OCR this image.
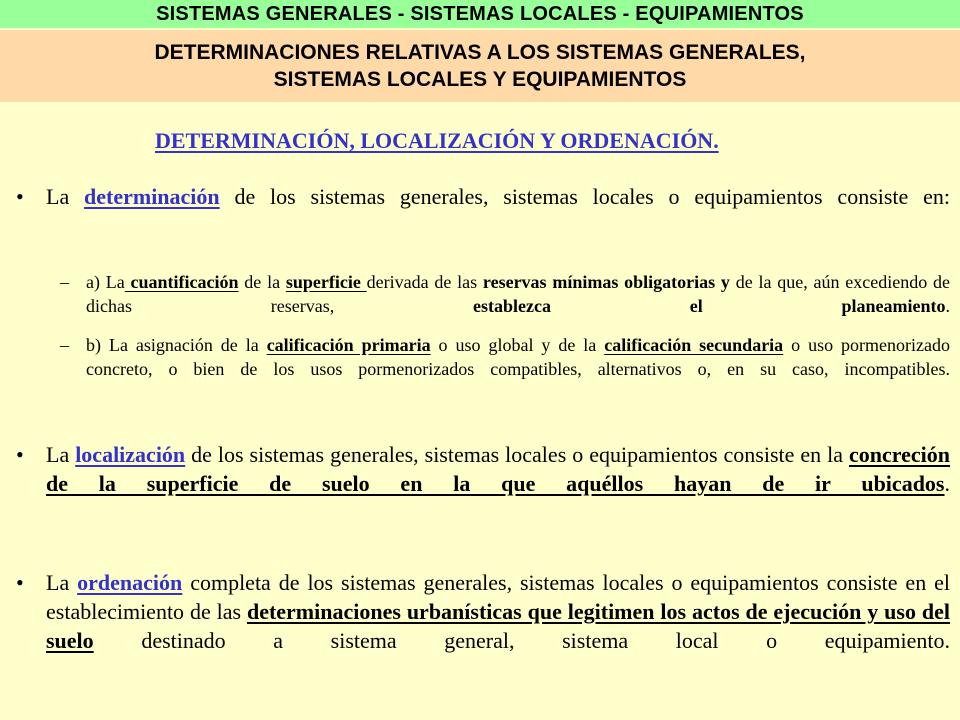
SISTEMAS GENERALES - SISTEMAS LOCALES - EQUIPAMIENTOS
DETERMINACIONES RELATIVAS A LOS SISTEMAS GENERALES,
SISTEMAS LOCALES Y EQUIPAMIENTOS
DETERMINACIÓN, LOCALIZACIÓN Y ORDENACIÓN.
•	La determinación de los sistemas generales, sistemas locales o equipamientos consiste en:
– a) La cuantificación de la superficie derivada de las reservas mínimas obligatorias y de la que, aún excediendo de dichas reservas, establezca el planeamiento.
– b) La asignación de la calificación primaria o uso global y de la calificación secundaria o uso pormenorizado concreto, o bien de los usos pormenorizados compatibles, alternativos o, en su caso, incompatibles.
•	La localización de los sistemas generales, sistemas locales o equipamientos consiste en la concreción de la superficie de suelo en la que aquéllos hayan de ir ubicados.
•	La ordenación completa de los sistemas generales, sistemas locales o equipamientos consiste en el establecimiento de las determinaciones urbanísticas que legitimen los actos de ejecución y uso del suelo destinado a sistema general, sistema local o equipamiento.
